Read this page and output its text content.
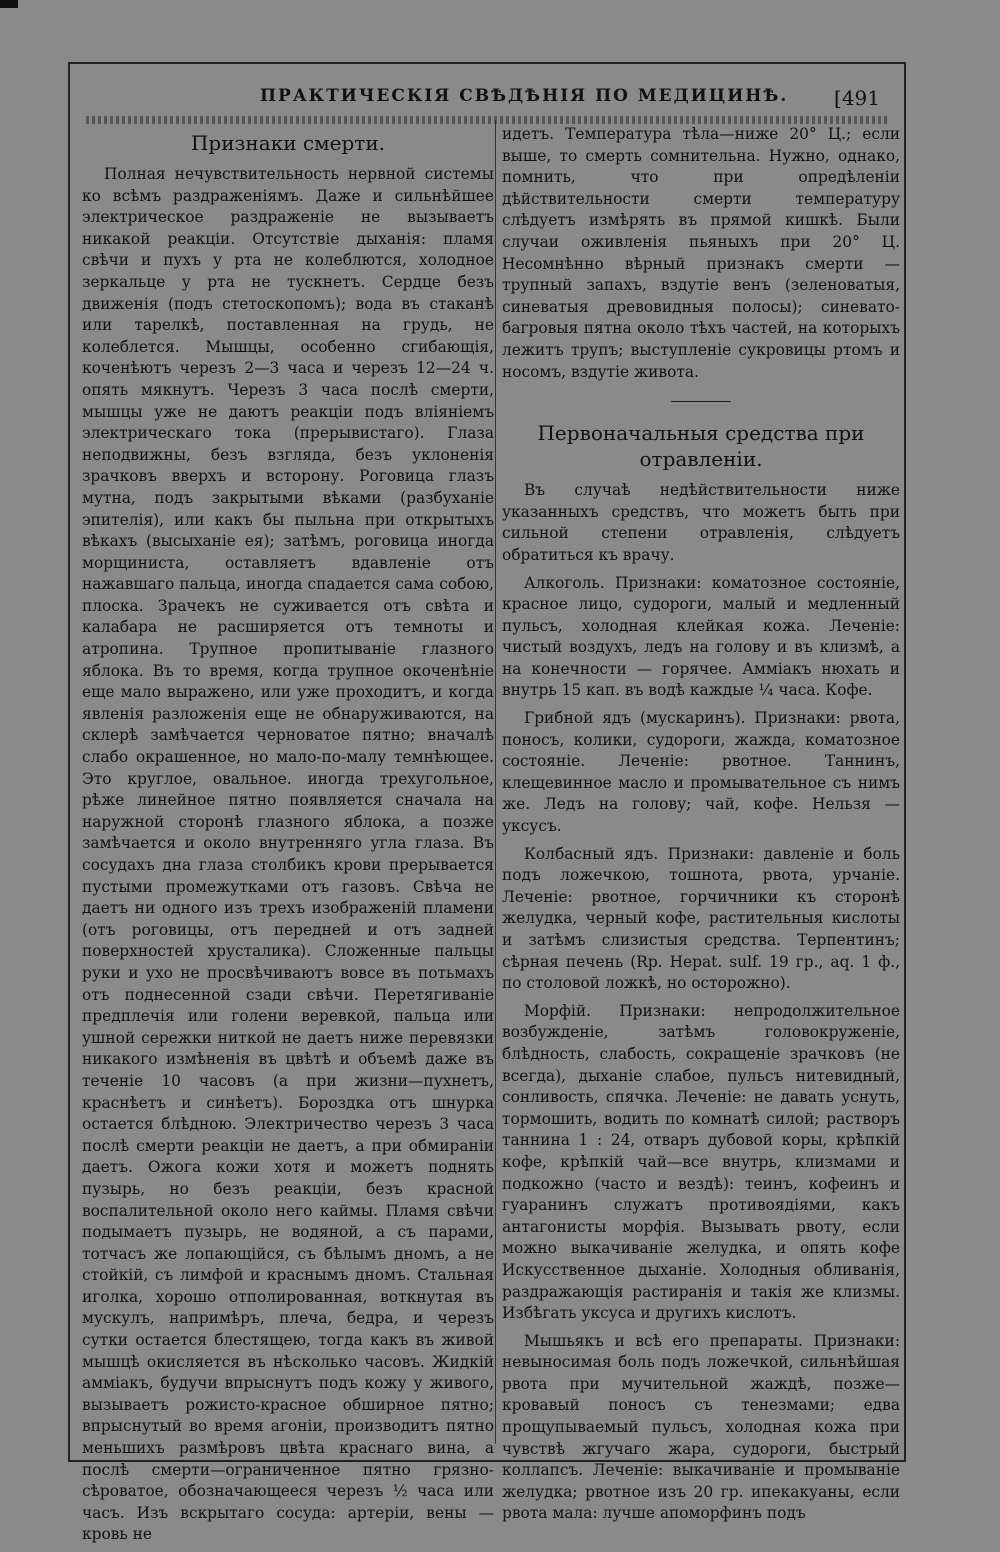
ПРАКТИЧЕСКІЯ СВѢДѢНІЯ ПО МЕДИЦИНѢ. [491
Признаки смерти.

Полная нечувствительность нервной системы ко всѣмъ раздраженіямъ. Даже и сильнѣйшее электрическое раздраженіе не вызываетъ никакой реакціи. Отсутствіе дыханія: пламя свѣчи и пухъ у рта не колеблются, холодное зеркальце у рта не тускнетъ. Сердце безъ движенія (подъ стетоскопомъ); вода въ стаканѣ или тарелкѣ, поставленная на грудь, не колеблется. Мышцы, особенно сгибающія, коченѣютъ черезъ 2—3 часа и черезъ 12—24 ч. опять мякнутъ. Черезъ 3 часа послѣ смерти, мышцы уже не даютъ реакціи подъ вліяніемъ электрическаго тока (прерывистаго). Глаза неподвижны, безъ взгляда, безъ уклоненія зрачковъ вверхъ и всторону. Роговица глазъ мутна, подъ закрытыми вѣками (разбуханіе эпителія), или какъ бы пыльна при открытыхъ вѣкахъ (высыханіе ея); затѣмъ, роговица иногда морщиниста, оставляетъ вдавленіе отъ нажавшаго пальца, иногда спадается сама собою, плоска. Зрачекъ не суживается отъ свѣта и калабара не расширяется отъ темноты и атропина. Трупное пропитываніе глазного яблока. Въ то время, когда трупное окоченѣніе еще мало выражено, или уже проходитъ, и когда явленія разложенія еще не обнаруживаются, на склерѣ замѣчается черноватое пятно; вначалѣ слабо окрашенное, но мало-по-малу темнѣющее. Это круглое, овальное. иногда трехугольное, рѣже линейное пятно появляется сначала на наружной сторонѣ глазного яблока, а позже замѣчается и около внутренняго угла глаза. Въ сосудахъ дна глаза столбикъ крови прерывается пустыми промежутками отъ газовъ. Свѣча не даетъ ни одного изъ трехъ изображеній пламени (отъ роговицы, отъ передней и отъ задней поверхностей хрусталика). Сложенные пальцы руки и ухо не просвѣчиваютъ вовсе въ потьмахъ отъ поднесенной сзади свѣчи. Перетягиваніе предплечія или голени веревкой, пальца или ушной сережки ниткой не даетъ ниже перевязки никакого измѣненія въ цвѣтѣ и объемѣ даже въ теченіе 10 часовъ (а при жизни—пухнетъ, краснѣетъ и синѣетъ). Бороздка отъ шнурка остается блѣдною. Электричество черезъ 3 часа послѣ смерти реакціи не даетъ, а при обмираніи даетъ. Ожога кожи хотя и можетъ поднять пузырь, но безъ реакціи, безъ красной воспалительной около него каймы. Пламя свѣчи подымаетъ пузырь, не водяной, а съ парами, тотчасъ же лопающійся, съ бѣлымъ дномъ, а не стойкій, съ лимфой и краснымъ дномъ. Стальная иголка, хорошо отполированная, воткнутая въ мускулъ, напримѣръ, плеча, бедра, и черезъ сутки остается блестящею, тогда какъ въ живой мышцѣ окисляется въ нѣсколько часовъ. Жидкій аммiакъ, будучи впрыснутъ подъ кожу у живого, вызываетъ рожисто-красное обширное пятно; впрыснутый во время агоніи, производитъ пятно меньшихъ размѣровъ цвѣта краснаго вина, а послѣ смерти—ограниченное пятно грязно-сѣроватое, обозначающееся черезъ ½ часа или часъ. Изъ вскрытаго сосуда: артеріи, вены — кровь не

идетъ. Температура тѣла—ниже 20° Ц.; если выше, то смерть сомнительна. Нужно, однако, помнить, что при опредѣленіи дѣйствительности смерти температуру слѣдуетъ измѣрять въ прямой кишкѣ. Были случаи оживленія пьяныхъ при 20° Ц. Несомнѣнно вѣрный признакъ смерти — трупный запахъ, вздутіе венъ (зеленоватыя, синеватыя древовидныя полосы); синевато-багровыя пятна около тѣхъ частей, на которыхъ лежитъ трупъ; выступленіе сукровицы ртомъ и носомъ, вздутіе живота.

Первоначальныя средства при отравленіи.

Въ случаѣ недѣйствительности ниже указанныхъ средствъ, что можетъ быть при сильной степени отравленія, слѣдуетъ обратиться къ врачу.

Алкоголь. Признаки: коматозное состояніе, красное лицо, судороги, малый и медленный пульсъ, холодная клейкая кожа. Леченіе: чистый воздухъ, ледъ на голову и въ клизмѣ, а на конечности — горячее. Амміакъ нюхать и внутрь 15 кап. въ водѣ каждые ¼ часа. Кофе.

Грибной ядъ (мускаринъ). Признаки: рвота, поносъ, колики, судороги, жажда, коматозное состояніе. Леченіе: рвотное. Таннинъ, клещевинное масло и промывательное съ нимъ же. Ледъ на голову; чай, кофе. Нельзя — уксусъ.

Колбасный ядъ. Признаки: давленіе и боль подъ ложечкою, тошнота, рвота, урчаніе. Леченіе: рвотное, горчичники къ сторонѣ желудка, черный кофе, растительныя кислоты и затѣмъ слизистыя средства. Терпентинъ; сѣрная печень (Rp. Hepat. sulf. 19 гр., aq. 1 ф., по столовой ложкѣ, но осторожно).

Морфій. Признаки: непродолжительное возбужденіе, затѣмъ головокруженіе, блѣдность, слабость, сокращеніе зрачковъ (не всегда), дыханіе слабое, пульсъ нитевидный, сонливость, спячка. Леченіе: не давать уснуть, тормошить, водить по комнатѣ силой; растворъ таннина 1 : 24, отваръ дубовой коры, крѣпкій кофе, крѣпкій чай—все внутрь, клизмами и подкожно (часто и вездѣ): теинъ, кофеинъ и гуаранинъ служатъ противоядіями, какъ антагонисты морфія. Вызывать рвоту, если можно выкачиваніе желудка, и опять кофе Искусственное дыханіе. Холодныя обливанія, раздражающія растиранія и такія же клизмы. Избѣгать уксуса и другихъ кислотъ.

Мышьякъ и всѣ его препараты. Признаки: невыносимая боль подъ ложечкой, сильнѣйшая рвота при мучительной жаждѣ, позже—кровавый поносъ съ тенезмами; едва прощупываемый пульсъ, холодная кожа при чувствѣ жгучаго жара, судороги, быстрый коллапсъ. Леченіе: выкачиваніе и промываніе желудка; рвотное изъ 20 гр. ипекакуаны, если рвота мала: лучше апоморфинъ подъ
